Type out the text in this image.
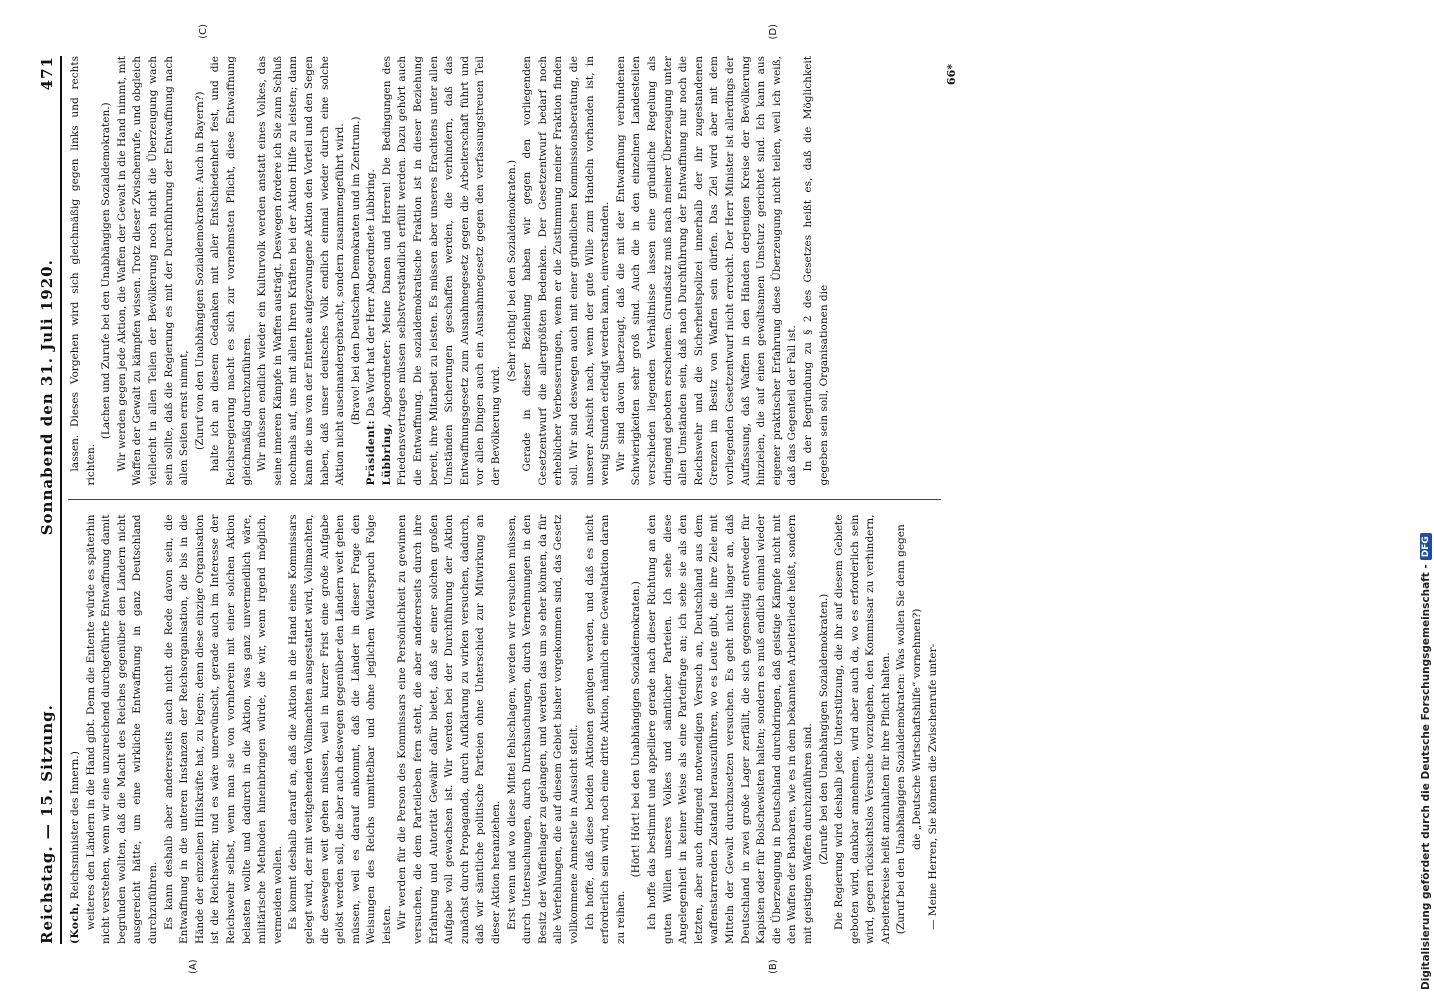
Reichstag. — 15. Sitzung.
Sonnabend den 31. Juli 1920.
471
(A)	(B)
(C)	(D)

(Koch, Reichsminister des Innern.) weiteres den Ländern in die Hand gibt. Denn die Entente würde es späterhin nicht verstehen, wenn wir eine unzureichend durchgeführte Entwaffnung damit begründen wollten, daß die Macht des Reiches gegenüber den Ländern nicht ausgereicht hätte, um eine wirkliche Entwaffnung in ganz Deutschland durchzuführen. Es kann deshalb aber andererseits auch nicht die Rede davon sein, die Entwaffnung in die unteren Instanzen der Reichsorganisation, die bis in die Hände der einzelnen Hilfskräfte hat, zu legen; denn diese einzige Organisation ist die Reichswehr, und es wäre unerwünscht, gerade auch im Interesse der Reichswehr selbst, wenn man sie von vornherein mit einer solchen Aktion belasten wollte und dadurch in die Aktion, was ganz unvermeidlich wäre, militärische Methoden hineinbringen würde, die wir, wenn irgend möglich, vermeiden wollen. Es kommt deshalb darauf an, daß die Aktion in die Hand eines Kommissars gelegt wird, der mit weitgehenden Vollmachten ausgestattet wird, Vollmachten, die deswegen weit gehen müssen, weil in kurzer Frist eine große Aufgabe gelöst werden soll, die aber auch deswegen gegenüber den Ländern weit gehen müssen, weil es darauf ankommt, daß die Länder in dieser Frage den Weisungen des Reichs unmittelbar und ohne jeglichen Widerspruch Folge leisten. Wir werden für die Person des Kommissars eine Persönlichkeit zu gewinnen versuchen, die dem Parteileben fern steht, die aber andererseits durch ihre Erfahrung und Autorität Gewähr dafür bietet, daß sie einer solchen großen Aufgabe voll gewachsen ist. Wir werden bei der Durchführung der Aktion zunächst durch Propaganda, durch Aufklärung zu wirken versuchen, dadurch, daß wir sämtliche politische Parteien ohne Unterschied zur Mitwirkung an dieser Aktion heranziehen. Erst wenn und wo diese Mittel fehlschlagen, werden wir versuchen müssen, durch Untersuchungen, durch Durchsuchungen, durch Vernehmungen in den Besitz der Waffenlager zu gelangen, und werden das um so eher können, da für alle Verfehlungen, die auf diesem Gebiet bisher vorgekommen sind, das Gesetz vollkommene Amnestie in Aussicht stellt. Ich hoffe, daß diese beiden Aktionen genügen werden, und daß es nicht erforderlich sein wird, noch eine dritte Aktion, nämlich eine Gewaltaktion daran zu reihen.

(Hört! Hört! bei den Unabhängigen Sozialdemokraten.) Ich hoffe das bestimmt und appelliere gerade nach dieser Richtung an den guten Willen unseres Volkes und sämtlicher Parteien. Ich sehe diese Angelegenheit in keiner Weise als eine Parteifrage an; ich sehe sie als den letzten, aber auch dringend notwendigen Versuch an, Deutschland aus dem waffenstarrenden Zustand herauszuführen, wo es Leute gibt, die ihre Ziele mit Mitteln der Gewalt durchzusetzen versuchen. Es geht nicht länger an, daß Deutschland in zwei große Lager zerfällt, die sich gegenseitig entweder für Kapisten oder für Bolschewisten halten; sondern es muß endlich einmal wieder die Überzeugung in Deutschland durchdringen, daß geistige Kämpfe nicht mit den Waffen der Barbaren, wie es in dem bekannten Arbeiterliede heißt, sondern mit geistigen Waffen durchzuführen sind. (Zurufe bei den Unabhängigen Sozialdemokraten.) Die Regierung wird deshalb jede Unterstützung, die ihr auf diesem Gebiete geboten wird, dankbar annehmen, wird aber auch da, wo es erforderlich sein wird, gegen rücksichtslos Versuche vorzugehen, den Kommissar zu verhindern, Arbeiterkreise heißt anzuhalten für ihre Pflicht halten. (Zuruf bei den Unabhängigen Sozialdemokraten: Was wollen Sie denn gegen die „Deutsche Wirtschaftshilfe“ vornehmen?) — Meine Herren, Sie können die Zwischenrufe unter-

lassen. Dieses Vorgehen wird sich gleichmäßig gegen links und rechts richten.

(Lachen und Zurufe bei den Unabhängigen Sozialdemokraten.) Wir werden gegen jede Aktion, die Waffen der Gewalt in die Hand nimmt, mit Waffen der Gewalt zu kämpfen wissen. Trotz dieser Zwischenrufe, und obgleich vielleicht in allen Teilen der Bevölkerung noch nicht die Überzeugung wach sein sollte, daß die Regierung es mit der Durchführung der Entwaffnung nach allen Seiten ernst nimmt, (Zuruf von den Unabhängigen Sozialdemokraten: Auch in Bayern?) halte ich an diesem Gedanken mit aller Entschiedenheit fest, und die Reichsregierung macht es sich zur vornehmsten Pflicht, diese Entwaffnung gleichmäßig durchzuführen. Wir müssen endlich wieder ein Kulturvolk werden anstatt eines Volkes, das seine inneren Kämpfe in Waffen austrägt. Deswegen fordere ich Sie zum Schluß nochmals auf, uns mit allen Ihren Kräften bei der Aktion Hilfe zu leisten; dann kann die uns von der Entente aufgezwungene Aktion den Vorteil und den Segen haben, daß unser deutsches Volk endlich einmal wieder durch eine solche Aktion nicht auseinandergebracht, sondern zusammengeführt wird. (Bravo! bei den Deutschen Demokraten und im Zentrum.)

Präsident: Das Wort hat der Herr Abgeordnete Lübbring.

Lübbring, Abgeordneter: Meine Damen und Herren! Die Bedingungen des Friedensvertrages müssen selbstverständlich erfüllt werden. Dazu gehört auch die Entwaffnung. Die sozialdemokratische Fraktion ist in dieser Beziehung bereit, ihre Mitarbeit zu leisten. Es müssen aber unseres Erachtens unter allen Umständen Sicherungen geschaffen werden, die verhindern, daß das Entwaffnungsgesetz zum Ausnahmegesetz gegen die Arbeiterschaft führt und vor allen Dingen auch ein Ausnahmegesetz gegen den verfassungstreuen Teil der Bevölkerung wird.

(Sehr richtig! bei den Sozialdemokraten.) Gerade in dieser Beziehung haben wir gegen den vorliegenden Gesetzentwurf die allergrößten Bedenken. Der Gesetzentwurf bedarf noch erheblicher Verbesserungen, wenn er die Zustimmung meiner Fraktion finden soll. Wir sind deswegen auch mit einer gründlichen Kommissionsberatung, die unserer Ansicht nach, wenn der gute Wille zum Handeln vorhanden ist, in wenig Stunden erledigt werden kann, einverstanden. Wir sind davon überzeugt, daß die mit der Entwaffnung verbundenen Schwierigkeiten sehr groß sind. Auch die in den einzelnen Landesteilen verschieden liegenden Verhältnisse lassen eine gründliche Regelung als dringend geboten erscheinen. Grundsatz muß nach meiner Überzeugung unter allen Umständen sein, daß nach Durchführung der Entwaffnung nur noch die Reichswehr und die Sicherheitspolizei innerhalb der ihr zugestandenen Grenzen im Besitz von Waffen sein dürfen. Das Ziel wird aber mit dem vorliegenden Gesetzentwurf nicht erreicht. Der Herr Minister ist allerdings der Auffassung, daß Waffen in den Händen derjenigen Kreise der Bevölkerung hinzielen, die auf einen gewaltsamen Umsturz gerichtet sind. Ich kann aus eigener praktischer Erfahrung diese Überzeugung nicht teilen, weil ich weiß, daß das Gegenteil der Fall ist. In der Begründung zu § 2 des Gesetzes heißt es, daß die Möglichkeit gegeben sein soll, Organisationen die

66*
Digitalisierung gefördert durch die Deutsche Forschungsgemeinschaft -
DFG
